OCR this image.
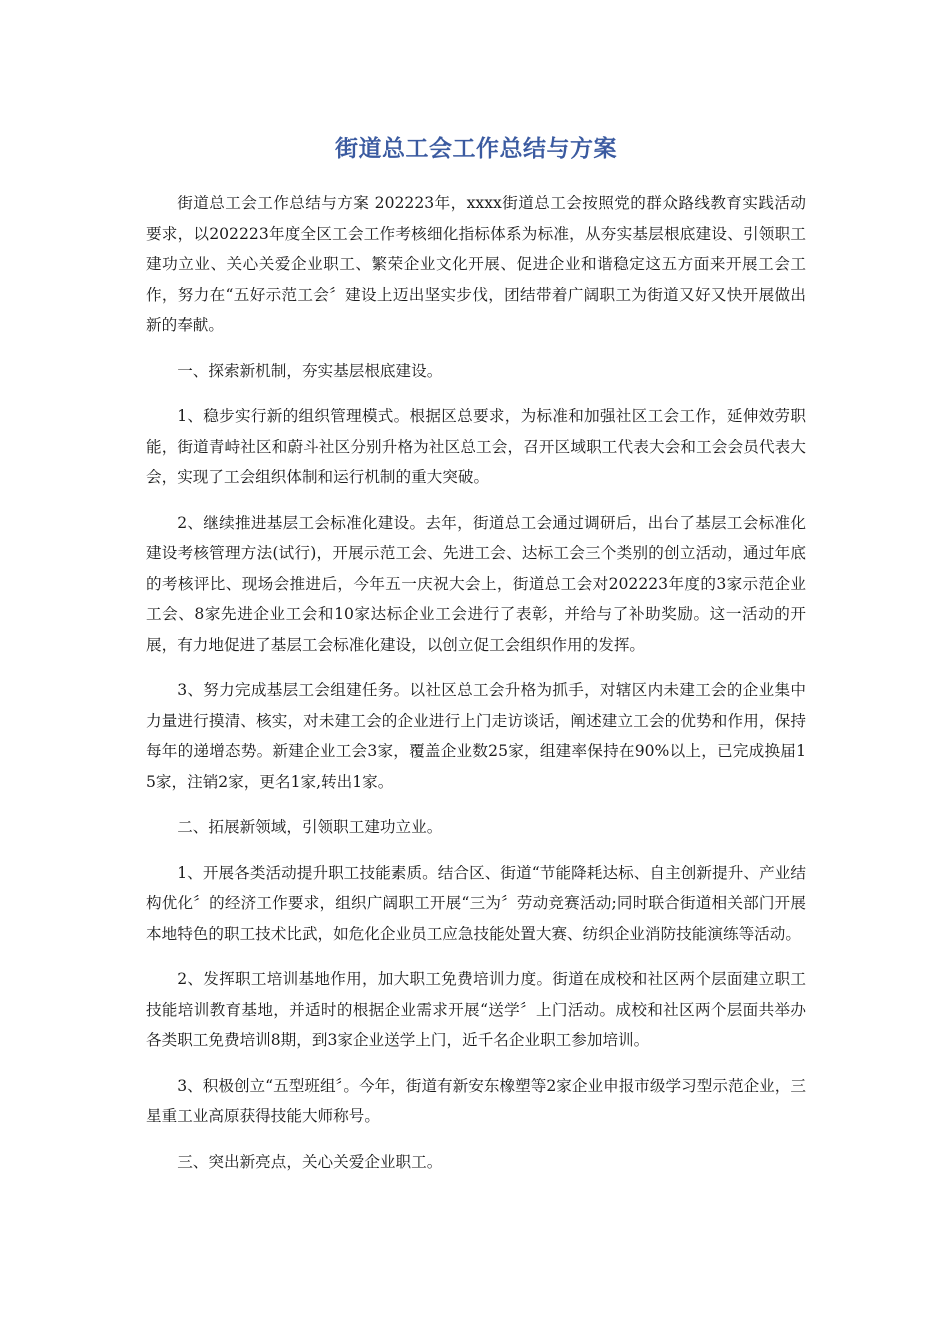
街道总工会工作总结与方案

街道总工会工作总结与方案 202223年，xxxx街道总工会按照党的群众路线教育实践活动要求，以202223年度全区工会工作考核细化指标体系为标准，从夯实基层根底建设、引领职工建功立业、关心关爱企业职工、繁荣企业文化开展、促进企业和谐稳定这五方面来开展工会工作，努力在“五好示范工会〞建设上迈出坚实步伐，团结带着广阔职工为街道又好又快开展做出新的奉献。

一、探索新机制，夯实基层根底建设。

1、稳步实行新的组织管理模式。根据区总要求，为标准和加强社区工会工作，延伸效劳职能，街道青峙社区和蔚斗社区分别升格为社区总工会，召开区域职工代表大会和工会会员代表大会，实现了工会组织体制和运行机制的重大突破。

2、继续推进基层工会标准化建设。去年，街道总工会通过调研后，出台了基层工会标准化建设考核管理方法(试行)，开展示范工会、先进工会、达标工会三个类别的创立活动，通过年底的考核评比、现场会推进后，今年五一庆祝大会上，街道总工会对202223年度的3家示范企业工会、8家先进企业工会和10家达标企业工会进行了表彰，并给与了补助奖励。这一活动的开展，有力地促进了基层工会标准化建设，以创立促工会组织作用的发挥。

3、努力完成基层工会组建任务。以社区总工会升格为抓手，对辖区内未建工会的企业集中力量进行摸清、核实，对未建工会的企业进行上门走访谈话，阐述建立工会的优势和作用，保持每年的递增态势。新建企业工会3家，覆盖企业数25家，组建率保持在90%以上，已完成换届15家，注销2家，更名1家,转出1家。

二、拓展新领域，引领职工建功立业。

1、开展各类活动提升职工技能素质。结合区、街道“节能降耗达标、自主创新提升、产业结构优化〞的经济工作要求，组织广阔职工开展“三为〞劳动竞赛活动;同时联合街道相关部门开展本地特色的职工技术比武，如危化企业员工应急技能处置大赛、纺织企业消防技能演练等活动。

2、发挥职工培训基地作用，加大职工免费培训力度。街道在成校和社区两个层面建立职工技能培训教育基地，并适时的根据企业需求开展“送学〞上门活动。成校和社区两个层面共举办各类职工免费培训8期，到3家企业送学上门，近千名企业职工参加培训。

3、积极创立“五型班组〞。今年，街道有新安东橡塑等2家企业申报市级学习型示范企业，三星重工业高原获得技能大师称号。

三、突出新亮点，关心关爱企业职工。
